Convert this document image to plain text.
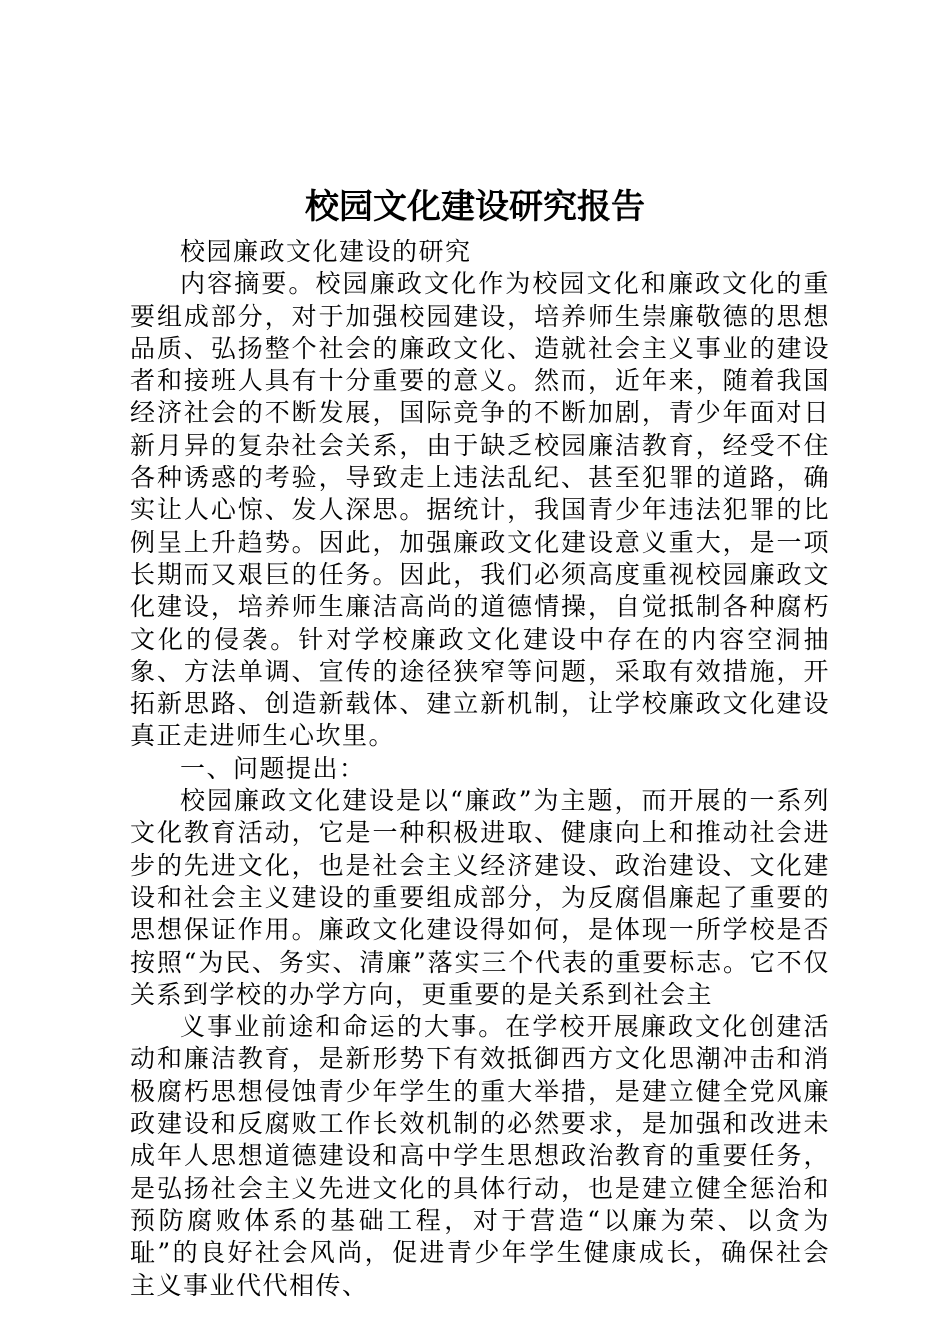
校园文化建设研究报告

校园廉政文化建设的研究

内容摘要。校园廉政文化作为校园文化和廉政文化的重要组成部分，对于加强校园建设，培养师生崇廉敬德的思想品质、弘扬整个社会的廉政文化、造就社会主义事业的建设者和接班人具有十分重要的意义。然而，近年来，随着我国经济社会的不断发展，国际竞争的不断加剧，青少年面对日新月异的复杂社会关系，由于缺乏校园廉洁教育，经受不住各种诱惑的考验，导致走上违法乱纪、甚至犯罪的道路，确实让人心惊、发人深思。据统计，我国青少年违法犯罪的比例呈上升趋势。因此，加强廉政文化建设意义重大，是一项长期而又艰巨的任务。因此，我们必须高度重视校园廉政文化建设，培养师生廉洁高尚的道德情操，自觉抵制各种腐朽文化的侵袭。针对学校廉政文化建设中存在的内容空洞抽象、方法单调、宣传的途径狭窄等问题，采取有效措施，开拓新思路、创造新载体、建立新机制，让学校廉政文化建设真正走进师生心坎里。

一、问题提出：

校园廉政文化建设是以“廉政”为主题，而开展的一系列文化教育活动，它是一种积极进取、健康向上和推动社会进步的先进文化，也是社会主义经济建设、政治建设、文化建设和社会主义建设的重要组成部分，为反腐倡廉起了重要的思想保证作用。廉政文化建设得如何，是体现一所学校是否按照“为民、务实、清廉”落实三个代表的重要标志。它不仅关系到学校的办学方向，更重要的是关系到社会主

义事业前途和命运的大事。在学校开展廉政文化创建活动和廉洁教育，是新形势下有效抵御西方文化思潮冲击和消极腐朽思想侵蚀青少年学生的重大举措，是建立健全党风廉政建设和反腐败工作长效机制的必然要求，是加强和改进未成年人思想道德建设和高中学生思想政治教育的重要任务，是弘扬社会主义先进文化的具体行动，也是建立健全惩治和预防腐败体系的基础工程，对于营造“以廉为荣、以贪为耻”的良好社会风尚，促进青少年学生健康成长，确保社会主义事业代代相传、
